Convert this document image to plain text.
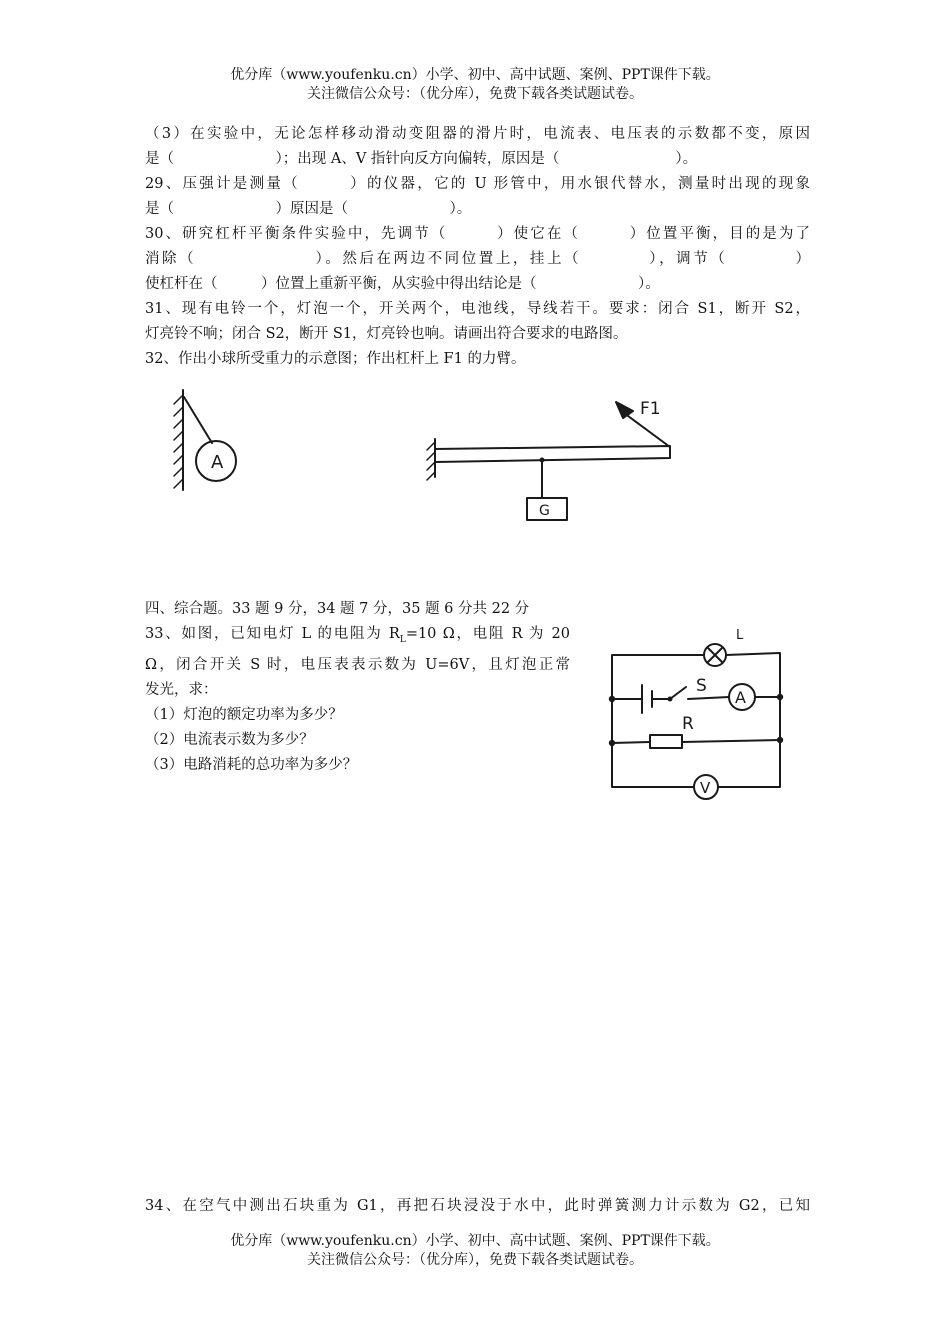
优分库（www.youfenku.cn）小学、初中、高中试题、案例、PPT课件下载。
关注微信公众号：（优分库），免费下载各类试题试卷。
（3）在实验中，无论怎样移动滑动变阻器的滑片时，电流表、电压表的示数都不变，原因
是（　　　　　　　）；出现 A、V 指针向反方向偏转，原因是（　　　　　　　　）。
29、压强计是测量（　　　）的仪器，它的 U 形管中，用水银代替水，测量时出现的现象
是（　　　　　　　）原因是（　　　　　　　）。
30、研究杠杆平衡条件实验中，先调节（　　　）使它在（　　　）位置平衡，目的是为了
消除（　　　　　　　）。然后在两边不同位置上，挂上（　　　　），调节（　　　　）
使杠杆在（　　　）位置上重新平衡，从实验中得出结论是（　　　　　　　）。
31、现有电铃一个，灯泡一个，开关两个，电池线，导线若干。要求：闭合 S1，断开 S2，
灯亮铃不响；闭合 S2，断开 S1，灯亮铃也响。请画出符合要求的电路图。
32、作出小球所受重力的示意图；作出杠杆上 F1 的力臂。
A
F1
G
四、综合题。33 题 9 分，34 题 7 分，35 题 6 分共 22 分
33、如图，已知电灯 L 的电阻为 $R_L=10$ Ω，电阻 R 为 20
Ω，闭合开关 S 时，电压表表示数为 U=6V，且灯泡正常
发光，求：
（1）灯泡的额定功率为多少？
（2）电流表示数为多少？
（3）电路消耗的总功率为多少？
L
S
A
R
V
34、在空气中测出石块重为 G1，再把石块浸没于水中，此时弹簧测力计示数为 G2，已知
优分库（www.youfenku.cn）小学、初中、高中试题、案例、PPT课件下载。
关注微信公众号：（优分库），免费下载各类试题试卷。
